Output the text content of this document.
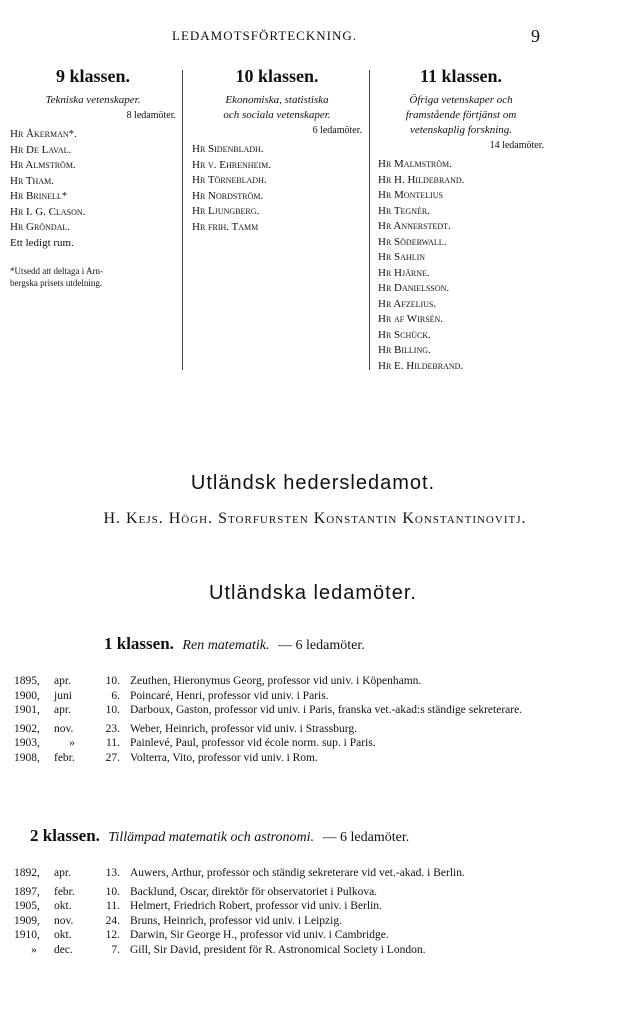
LEDAMOTSFÖRTECKNING.	9
9 klassen.
Tekniska vetenskaper.
8 ledamöter.
Hr Åkerman*.
Hr De Laval.
Hr Almström.
Hr Tham.
Hr Brinell*
Hr I. G. Clason.
Hr Gröndal.
Ett ledigt rum.
*Utsedd att deltaga i Arn-
bergska prisets utdelning.
10 klassen.
Ekonomiska, statistiska
och sociala vetenskaper.
6 ledamöter.
Hr Sidenbladh.
Hr v. Ehrenheim.
Hr Törnebladh.
Hr Nordström.
Hr Ljungberg.
Hr frih. Tamm
11 klassen.
Öfriga vetenskaper och
framstående förtjänst om
vetenskaplig forskning.
14 ledamöter.
Hr Malmström.
Hr H. Hildebrand.
Hr Montelius
Hr Tegnér.
Hr Annerstedt.
Hr Söderwall.
Hr Sahlin
Hr Hjärne.
Hr Danielsson.
Hr Afzelius.
Hr af Wirsén.
Hr Schück.
Hr Billing.
Hr E. Hildebrand.
Utländsk hedersledamot.
H. Kejs. Högh. Storfursten Konstantin Konstantinovitj.
Utländska ledamöter.
1 klassen. Ren matematik. — 6 ledamöter.
1895,	apr.	10.	Zeuthen, Hieronymus Georg, professor vid univ. i Köpenhamn.
1900,	juni	6.	Poincaré, Henri, professor vid univ. i Paris.
1901,	apr.	10.	Darboux, Gaston, professor vid univ. i Paris, franska vet.-akad:s ständige sekreterare.
1902,	nov.	23.	Weber, Heinrich, professor vid univ. i Strassburg.
1903,	»	11.	Painlevé, Paul, professor vid école norm. sup. i Paris.
1908,	febr.	27.	Volterra, Vito, professor vid univ. i Rom.
2 klassen. Tillämpad matematik och astronomi. — 6 ledamöter.
1892,	apr.	13.	Auwers, Arthur, professor och ständig sekreterare vid vet.-akad. i Berlin.
1897,	febr.	10.	Backlund, Oscar, direktör för observatoriet i Pulkova.
1905,	okt.	11.	Helmert, Friedrich Robert, professor vid univ. i Berlin.
1909,	nov.	24.	Bruns, Heinrich, professor vid univ. i Leipzig.
1910,	okt.	12.	Darwin, Sir George H., professor vid univ. i Cambridge.
»	dec.	7.	Gill, Sir David, president för R. Astronomical Society i London.
